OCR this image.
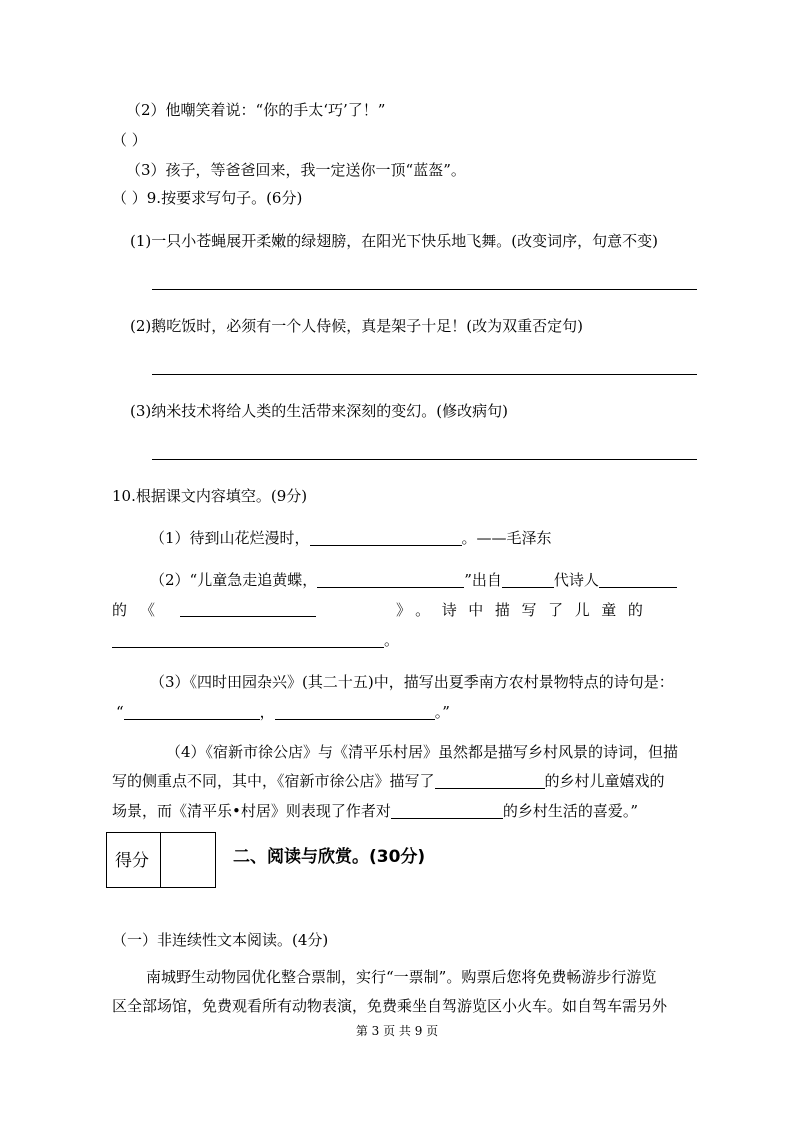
（2）他嘲笑着说：“你的手太‘巧’了！”
（ ）
（3）孩子，等爸爸回来，我一定送你一顶“蓝盔”。
（ ）9.按要求写句子。(6分)
(1)一只小苍蝇展开柔嫩的绿翅膀，在阳光下快乐地飞舞。(改变词序，句意不变)
(2)鹅吃饭时，必须有一个人侍候，真是架子十足！(改为双重否定句)
(3)纳米技术将给人类的生活带来深刻的变幻。(修改病句)
10.根据课文内容填空。(9分)
（1）待到山花烂漫时，	。——毛泽东
（2）“儿童急走追黄蝶，	”出自	代诗人
的 《	》。诗中描写了儿童的
。
（3）《四时田园杂兴》(其二十五)中，描写出夏季南方农村景物特点的诗句是：
“	，	。”
（4）《宿新市徐公店》与《清平乐村居》虽然都是描写乡村风景的诗词，但描
写的侧重点不同，其中，《宿新市徐公店》描写了	的乡村儿童嬉戏的
场景，而《清平乐•村居》则表现了作者对	的乡村生活的喜爱。”
得分	二、阅读与欣赏。(30分)
（一）非连续性文本阅读。(4分)
南城野生动物园优化整合票制，实行“一票制”。购票后您将免费畅游步行游览
区全部场馆，免费观看所有动物表演，免费乘坐自驾游览区小火车。如自驾车需另外
第 3 页 共 9 页
